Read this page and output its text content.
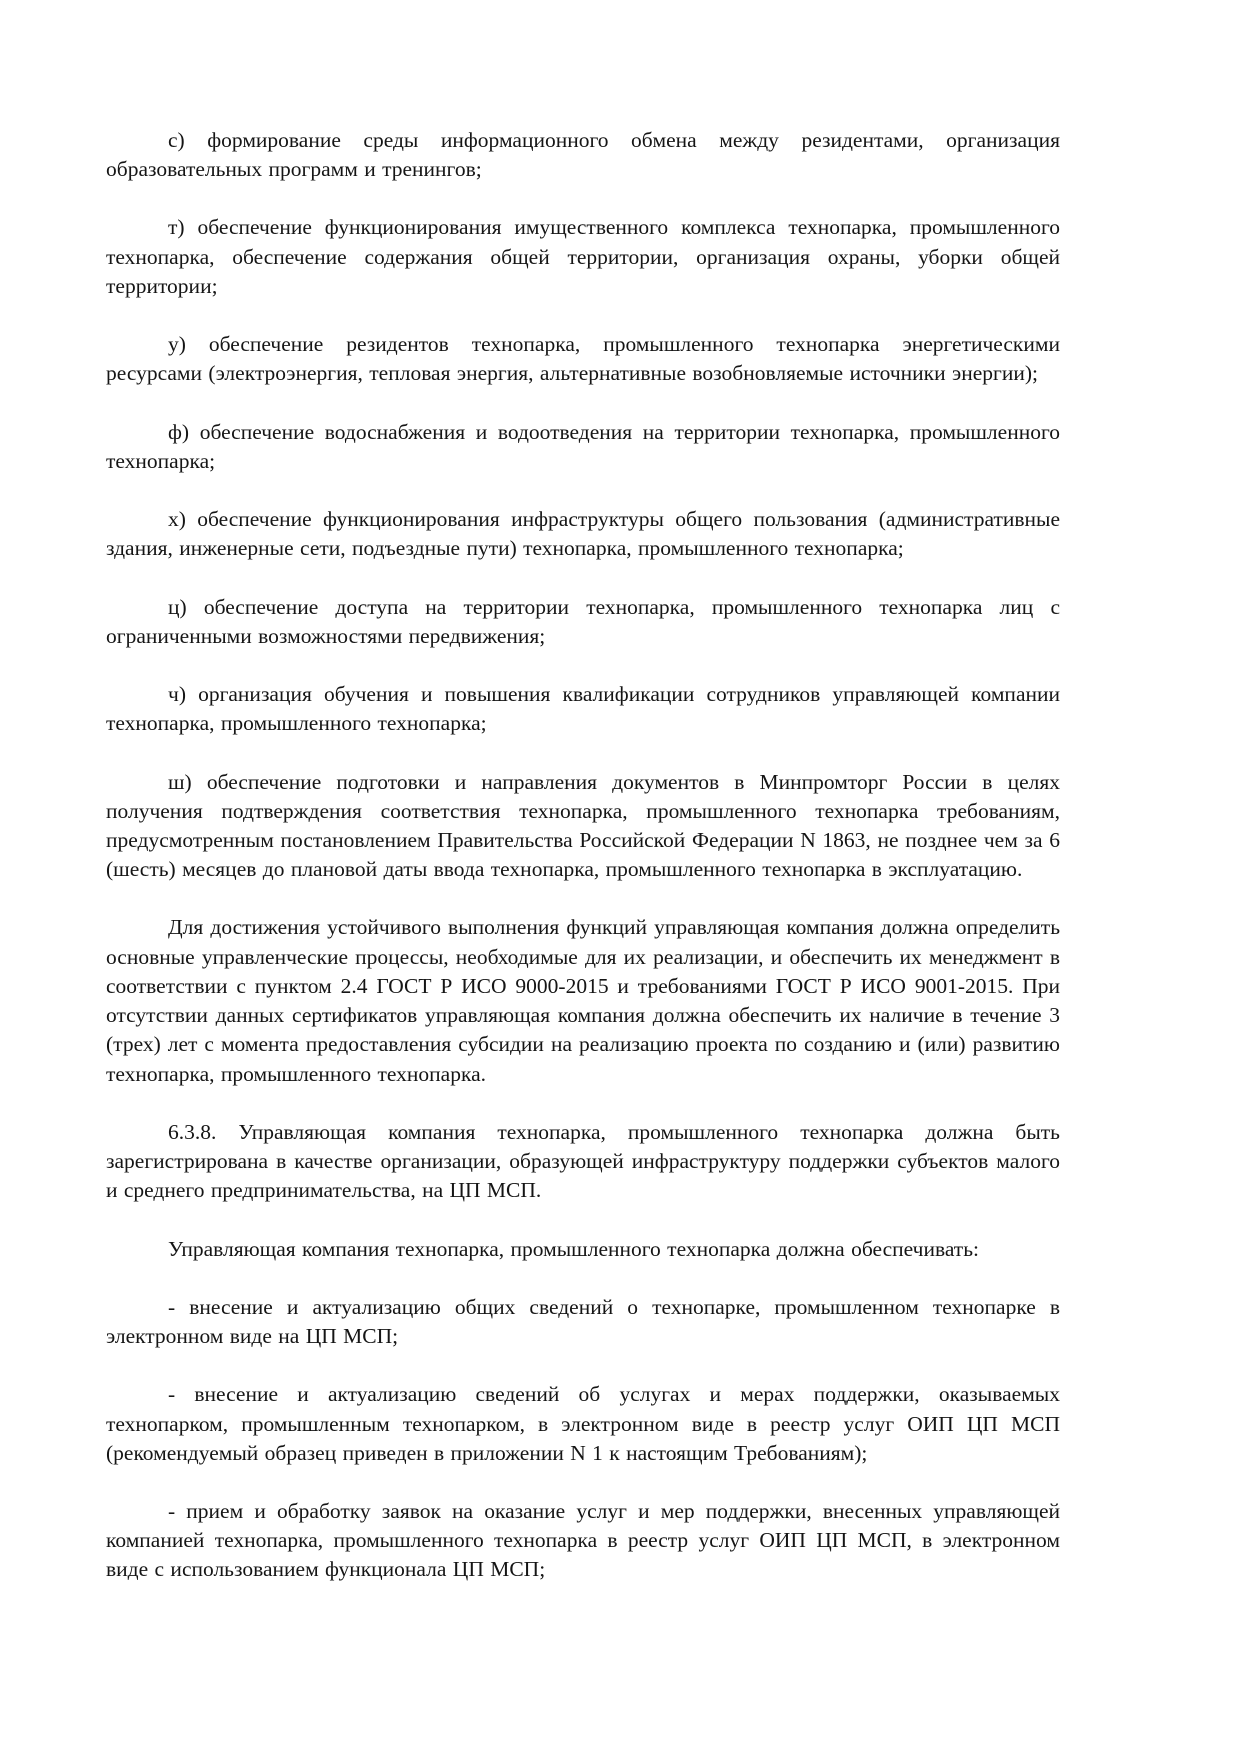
с) формирование среды информационного обмена между резидентами, организация образовательных программ и тренингов;

т) обеспечение функционирования имущественного комплекса технопарка, промышленного технопарка, обеспечение содержания общей территории, организация охраны, уборки общей территории;

у) обеспечение резидентов технопарка, промышленного технопарка энергетическими ресурсами (электроэнергия, тепловая энергия, альтернативные возобновляемые источники энергии);

ф) обеспечение водоснабжения и водоотведения на территории технопарка, промышленного технопарка;

х) обеспечение функционирования инфраструктуры общего пользования (административные здания, инженерные сети, подъездные пути) технопарка, промышленного технопарка;

ц) обеспечение доступа на территории технопарка, промышленного технопарка лиц с ограниченными возможностями передвижения;

ч) организация обучения и повышения квалификации сотрудников управляющей компании технопарка, промышленного технопарка;

ш) обеспечение подготовки и направления документов в Минпромторг России в целях получения подтверждения соответствия технопарка, промышленного технопарка требованиям, предусмотренным постановлением Правительства Российской Федерации N 1863, не позднее чем за 6 (шесть) месяцев до плановой даты ввода технопарка, промышленного технопарка в эксплуатацию.

Для достижения устойчивого выполнения функций управляющая компания должна определить основные управленческие процессы, необходимые для их реализации, и обеспечить их менеджмент в соответствии с пунктом 2.4 ГОСТ Р ИСО 9000-2015 и требованиями ГОСТ Р ИСО 9001-2015. При отсутствии данных сертификатов управляющая компания должна обеспечить их наличие в течение 3 (трех) лет с момента предоставления субсидии на реализацию проекта по созданию и (или) развитию технопарка, промышленного технопарка.

6.3.8. Управляющая компания технопарка, промышленного технопарка должна быть зарегистрирована в качестве организации, образующей инфраструктуру поддержки субъектов малого и среднего предпринимательства, на ЦП МСП.

Управляющая компания технопарка, промышленного технопарка должна обеспечивать:

- внесение и актуализацию общих сведений о технопарке, промышленном технопарке в электронном виде на ЦП МСП;

- внесение и актуализацию сведений об услугах и мерах поддержки, оказываемых технопарком, промышленным технопарком, в электронном виде в реестр услуг ОИП ЦП МСП (рекомендуемый образец приведен в приложении N 1 к настоящим Требованиям);

- прием и обработку заявок на оказание услуг и мер поддержки, внесенных управляющей компанией технопарка, промышленного технопарка в реестр услуг ОИП ЦП МСП, в электронном виде с использованием функционала ЦП МСП;
